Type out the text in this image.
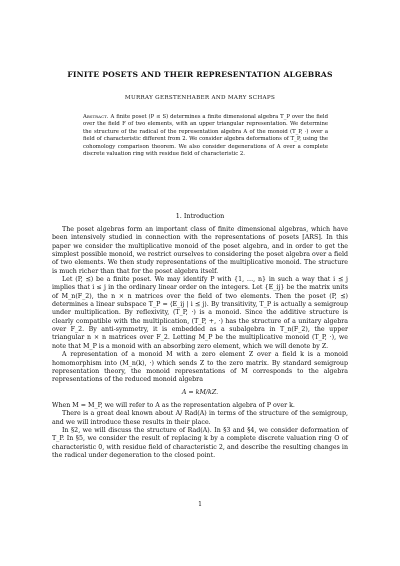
FINITE POSETS AND THEIR REPRESENTATION ALGEBRAS
MURRAY GERSTENHABER AND MARY SCHAPS
Abstract. A finite poset (P ≤ S) determines a finite dimensional algebra T_P over the field over the field F of two elements, with an upper triangular representation. We determine the structure of the radical of the representation algebra A of the monoid (T_P, ·) over a field of characteristic different from 2. We consider algebra deformations of T_P, using the cohomology comparison theorem. We also consider degenerations of A over a complete discrete valuation ring with residue field of characteristic 2.
1. Introduction

The poset algebras form an important class of finite dimensional algebras, which have been intensively studied in connection with the representations of posets [ARS]. In this paper we consider the multiplicative monoid of the poset algebra, and in order to get the simplest possible monoid, we restrict ourselves to considering the poset algebra over a field of two elements. We then study representations of the multiplicative monoid. The structure is much richer than that for the poset algebra itself.

Let (P, ⪯) be a finite poset. We may identify P with {1, …, n} in such a way that i ⪯ j implies that i ≤ j in the ordinary linear order on the integers. Let {E_ij} be the matrix units of M_n(F_2), the n × n matrices over the field of two elements. Then the poset (P, ⪯) determines a linear subspace T_P = ⟨E_ij | i ⪯ j⟩. By transitivity, T_P is actually a semigroup under multiplication. By reflexivity, (T_P, ·) is a monoid. Since the additive structure is clearly compatible with the multiplication, (T_P, +, ·) has the structure of a unitary algebra over F_2. By anti-symmetry, it is embedded as a subalgebra in T_n(F_2), the upper triangular n × n matrices over F_2. Letting M_P be the multiplicative monoid (T_P, ·), we note that M_P is a monoid with an absorbing zero element, which we will denote by Z.

A representation of a monoid M with a zero element Z over a field k is a monoid homomorphism into (M_n(k), ·) which sends Z to the zero matrix. By standard semigroup representation theory, the monoid representations of M corresponds to the algebra representations of the reduced monoid algebra

A = kM/kZ.

When M = M_P, we will refer to A as the representation algebra of P over k.

There is a great deal known about A/ Rad(A) in terms of the structure of the semigroup, and we will introduce these results in their place.

In §2, we will discuss the structure of Rad(A). In §3 and §4, we consider deformation of T_P. In §5, we consider the result of replacing k by a complete discrete valuation ring O of characteristic 0, with residue field of characteristic 2, and describe the resulting changes in the radical under degeneration to the closed point.

1
